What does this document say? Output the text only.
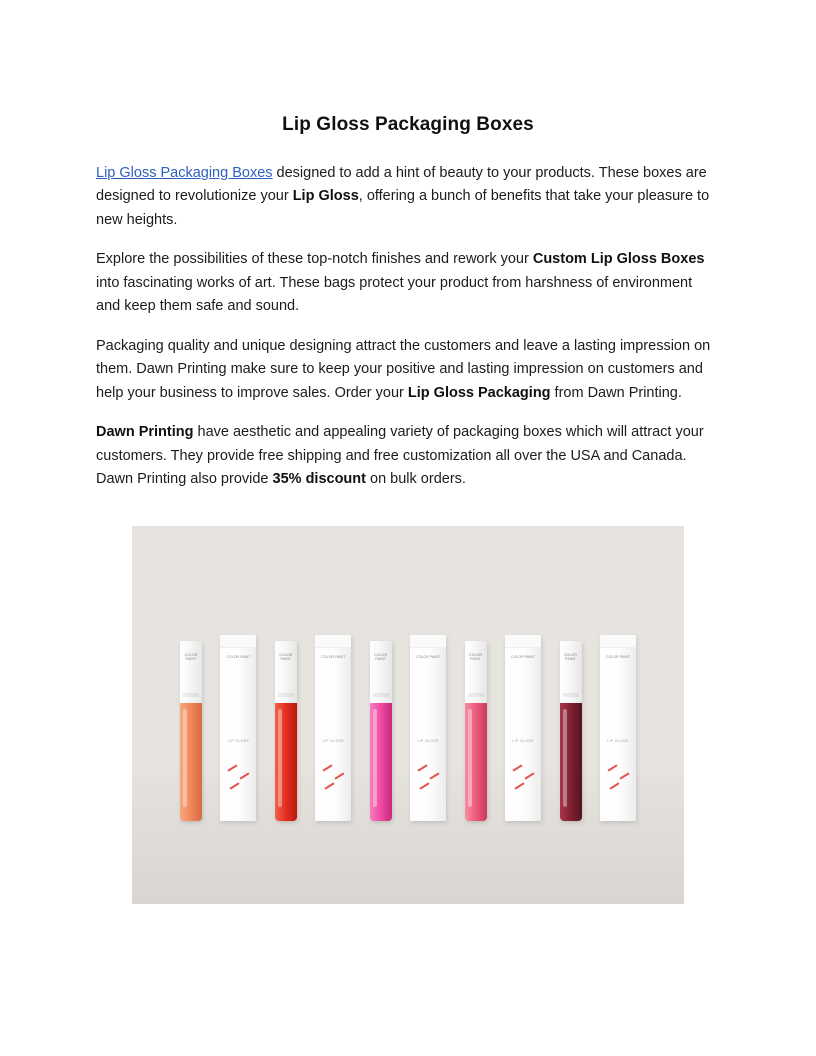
Lip Gloss Packaging Boxes

Lip Gloss Packaging Boxes designed to add a hint of beauty to your products. These boxes are designed to revolutionize your Lip Gloss, offering a bunch of benefits that take your pleasure to new heights.

Explore the possibilities of these top-notch finishes and rework your Custom Lip Gloss Boxes into fascinating works of art. These bags protect your product from harshness of environment and keep them safe and sound.

Packaging quality and unique designing attract the customers and leave a lasting impression on them. Dawn Printing make sure to keep your positive and lasting impression on customers and help your business to improve sales. Order your Lip Gloss Packaging from Dawn Printing.

Dawn Printing have aesthetic and appealing variety of packaging boxes which will attract your customers. They provide free shipping and free customization all over the USA and Canada. Dawn Printing also provide 35% discount on bulk orders.

COLOR PAINT	COLOR PAINT
LIP GLOSS
COLOR PAINT	COLOR PAINT
LIP GLOSS
COLOR PAINT	COLOR PAINT
LIP GLOSS
COLOR PAINT	COLOR PAINT
LIP GLOSS
COLOR PAINT	COLOR PAINT
LIP GLOSS
